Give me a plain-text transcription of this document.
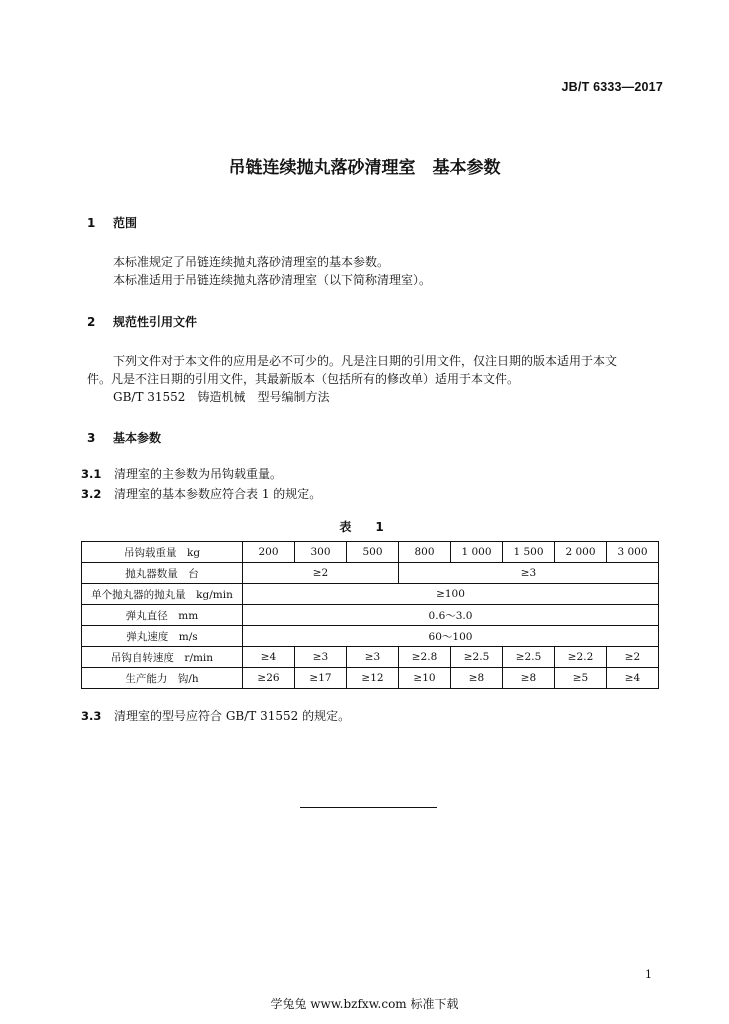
JB/T 6333—2017
吊链连续抛丸落砂清理室　基本参数
1 范围
本标准规定了吊链连续抛丸落砂清理室的基本参数。
本标准适用于吊链连续抛丸落砂清理室（以下简称清理室）。
2 规范性引用文件
下列文件对于本文件的应用是必不可少的。凡是注日期的引用文件，仅注日期的版本适用于本文
件。凡是不注日期的引用文件，其最新版本（包括所有的修改单）适用于本文件。
GB/T 31552　铸造机械　型号编制方法
3 基本参数
3.1 清理室的主参数为吊钩载重量。
3.2 清理室的基本参数应符合表 1 的规定。
表　1
吊钩载重量　kg	200	300	500	800	1 000	1 500	2 000	3 000
抛丸器数量　台	≥2			≥3				
单个抛丸器的抛丸量　kg/min	≥100							
弹丸直径　mm	0.6～3.0							
弹丸速度　m/s	60～100							
吊钩自转速度　r/min	≥4	≥3	≥3	≥2.8	≥2.5	≥2.5	≥2.2	≥2
生产能力　钩/h	≥26	≥17	≥12	≥10	≥8	≥8	≥5	≥4
3.3 清理室的型号应符合 GB/T 31552 的规定。
1
学兔兔 www.bzfxw.com 标准下载
